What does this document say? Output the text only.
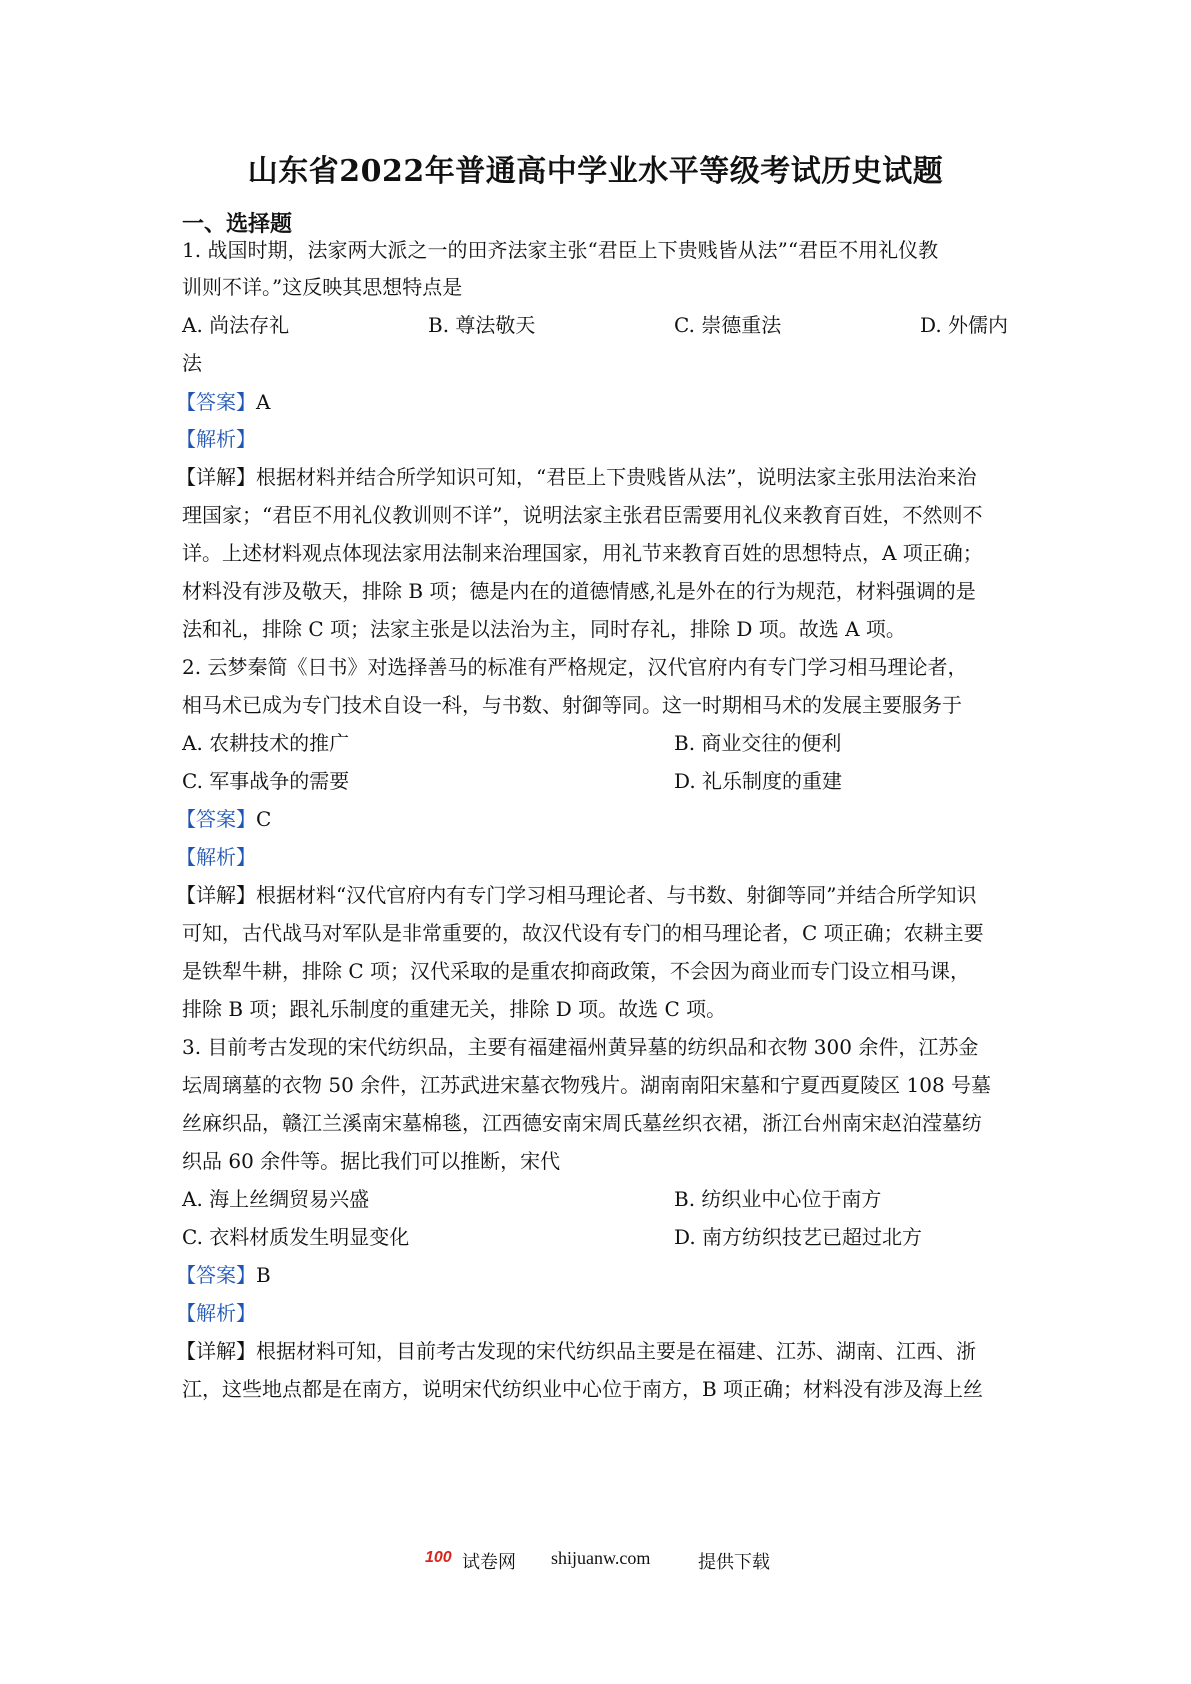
山东省2022年普通高中学业水平等级考试历史试题
一、选择题
1. 战国时期，法家两大派之一的田齐法家主张“君臣上下贵贱皆从法”“君臣不用礼仪教
训则不详。”这反映其思想特点是
A. 尚法存礼	B. 尊法敬天	C. 崇德重法	D. 外儒内
法
【答案】A
【解析】
【详解】根据材料并结合所学知识可知，“君臣上下贵贱皆从法”，说明法家主张用法治来治
理国家；“君臣不用礼仪教训则不详”，说明法家主张君臣需要用礼仪来教育百姓，不然则不
详。上述材料观点体现法家用法制来治理国家，用礼节来教育百姓的思想特点，A 项正确；
材料没有涉及敬天，排除 B 项；德是内在的道德情感,礼是外在的行为规范，材料强调的是
法和礼，排除 C 项；法家主张是以法治为主，同时存礼，排除 D 项。故选 A 项。
2. 云梦秦简《日书》对选择善马的标准有严格规定，汉代官府内有专门学习相马理论者，
相马术已成为专门技术自设一科，与书数、射御等同。这一时期相马术的发展主要服务于
A. 农耕技术的推广	B. 商业交往的便利
C. 军事战争的需要	D. 礼乐制度的重建
【答案】C
【解析】
【详解】根据材料“汉代官府内有专门学习相马理论者、与书数、射御等同”并结合所学知识
可知，古代战马对军队是非常重要的，故汉代设有专门的相马理论者，C 项正确；农耕主要
是铁犁牛耕，排除 C 项；汉代采取的是重农抑商政策，不会因为商业而专门设立相马课，
排除 B 项；跟礼乐制度的重建无关，排除 D 项。故选 C 项。
3. 目前考古发现的宋代纺织品，主要有福建福州黄异墓的纺织品和衣物 300 余件，江苏金
坛周璃墓的衣物 50 余件，江苏武进宋墓衣物残片。湖南南阳宋墓和宁夏西夏陵区 108 号墓
丝麻织品，赣江兰溪南宋墓棉毯，江西德安南宋周氏墓丝织衣裙，浙江台州南宋赵泊滢墓纺
织品 60 余件等。据比我们可以推断，宋代
A. 海上丝绸贸易兴盛	B. 纺织业中心位于南方
C. 衣料材质发生明显变化	D. 南方纺织技艺已超过北方
【答案】B
【解析】
【详解】根据材料可知，目前考古发现的宋代纺织品主要是在福建、江苏、湖南、江西、浙
江，这些地点都是在南方，说明宋代纺织业中心位于南方，B 项正确；材料没有涉及海上丝
100 试卷网 shijuanw.com	提供下载
